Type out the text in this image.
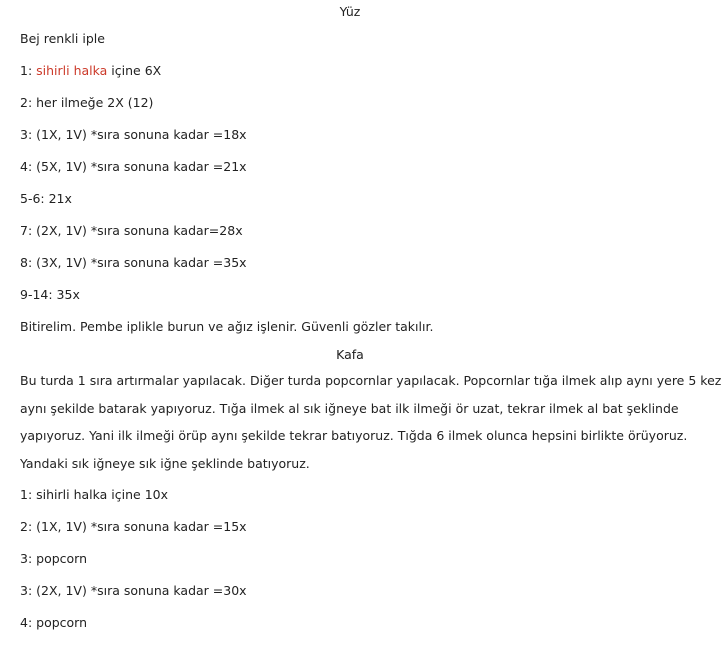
Yüz
Bej renkli iple
1: sihirli halka içine 6X
2: her ilmeğe 2X (12)
3: (1X, 1V) *sıra sonuna kadar =18x
4: (5X, 1V) *sıra sonuna kadar =21x
5-6: 21x
7: (2X, 1V) *sıra sonuna kadar=28x
8: (3X, 1V) *sıra sonuna kadar =35x
9-14: 35x
Bitirelim. Pembe iplikle burun ve ağız işlenir. Güvenli gözler takılır.
Kafa
Bu turda 1 sıra artırmalar yapılacak. Diğer turda popcornlar yapılacak. Popcornlar tığa ilmek alıp aynı yere 5 kez aynı şekilde batarak yapıyoruz. Tığa ilmek al sık iğneye bat ilk ilmeği ör uzat, tekrar ilmek al bat şeklinde yapıyoruz. Yani ilk ilmeği örüp aynı şekilde tekrar batıyoruz. Tığda 6 ilmek olunca hepsini birlikte örüyoruz. Yandaki sık iğneye sık iğne şeklinde batıyoruz.
1: sihirli halka içine 10x
2: (1X, 1V) *sıra sonuna kadar =15x
3: popcorn
3: (2X, 1V) *sıra sonuna kadar =30x
4: popcorn
